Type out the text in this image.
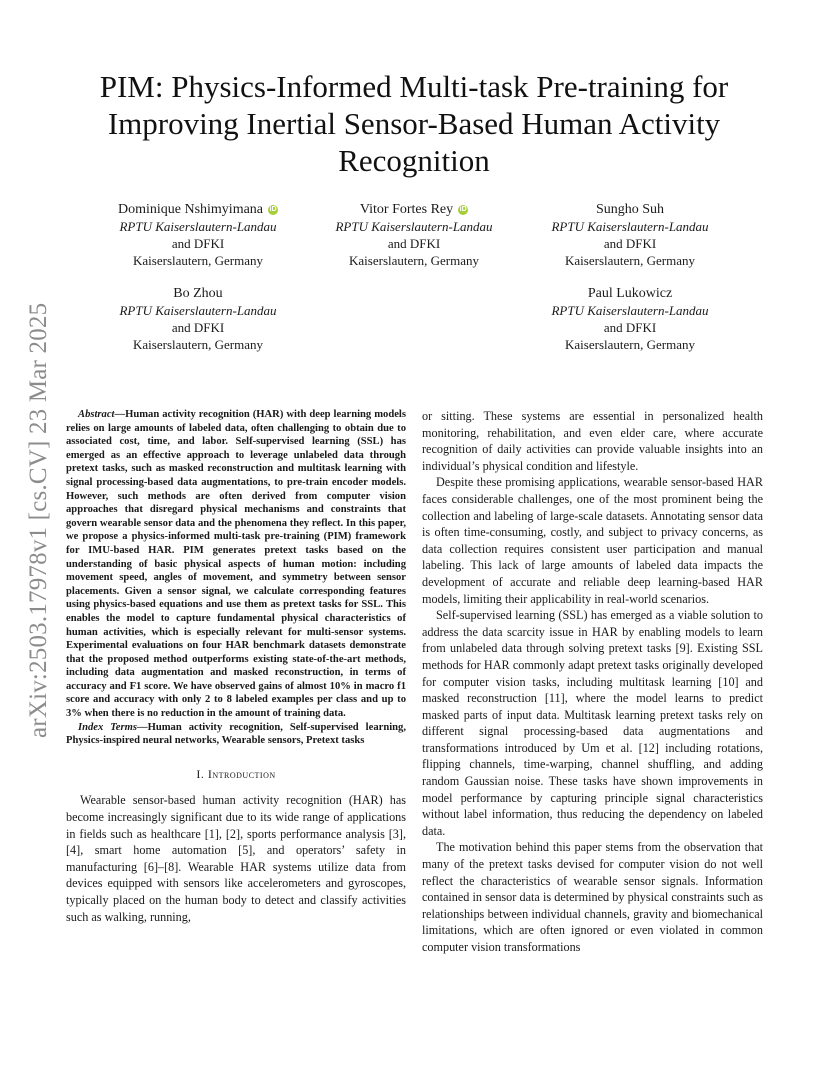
arXiv:2503.17978v1 [cs.CV] 23 Mar 2025
PIM: Physics-Informed Multi-task Pre-training for
Improving Inertial Sensor-Based Human Activity
Recognition
Dominique Nshimyimana iD
RPTU Kaiserslautern-Landau
and DFKI
Kaiserslautern, Germany
Vitor Fortes Rey iD
RPTU Kaiserslautern-Landau
and DFKI
Kaiserslautern, Germany
Sungho Suh
RPTU Kaiserslautern-Landau
and DFKI
Kaiserslautern, Germany
Bo Zhou
RPTU Kaiserslautern-Landau
and DFKI
Kaiserslautern, Germany
Paul Lukowicz
RPTU Kaiserslautern-Landau
and DFKI
Kaiserslautern, Germany

Abstract—Human activity recognition (HAR) with deep learning models relies on large amounts of labeled data, often challenging to obtain due to associated cost, time, and labor. Self-supervised learning (SSL) has emerged as an effective approach to leverage unlabeled data through pretext tasks, such as masked reconstruction and multitask learning with signal processing-based data augmentations, to pre-train encoder models. However, such methods are often derived from computer vision approaches that disregard physical mechanisms and constraints that govern wearable sensor data and the phenomena they reflect. In this paper, we propose a physics-informed multi-task pre-training (PIM) framework for IMU-based HAR. PIM generates pretext tasks based on the understanding of basic physical aspects of human motion: including movement speed, angles of movement, and symmetry between sensor placements. Given a sensor signal, we calculate corresponding features using physics-based equations and use them as pretext tasks for SSL. This enables the model to capture fundamental physical characteristics of human activities, which is especially relevant for multi-sensor systems. Experimental evaluations on four HAR benchmark datasets demonstrate that the proposed method outperforms existing state-of-the-art methods, including data augmentation and masked reconstruction, in terms of accuracy and F1 score. We have observed gains of almost 10% in macro f1 score and accuracy with only 2 to 8 labeled examples per class and up to 3% when there is no reduction in the amount of training data.

Index Terms—Human activity recognition, Self-supervised learning, Physics-inspired neural networks, Wearable sensors, Pretext tasks

I. Introduction

Wearable sensor-based human activity recognition (HAR) has become increasingly significant due to its wide range of applications in fields such as healthcare [1], [2], sports performance analysis [3], [4], smart home automation [5], and operators’ safety in manufacturing [6]–[8]. Wearable HAR systems utilize data from devices equipped with sensors like accelerometers and gyroscopes, typically placed on the human body to detect and classify activities such as walking, running,

or sitting. These systems are essential in personalized health monitoring, rehabilitation, and even elder care, where accurate recognition of daily activities can provide valuable insights into an individual’s physical condition and lifestyle.

Despite these promising applications, wearable sensor-based HAR faces considerable challenges, one of the most prominent being the collection and labeling of large-scale datasets. Annotating sensor data is often time-consuming, costly, and subject to privacy concerns, as data collection requires consistent user participation and manual labeling. This lack of large amounts of labeled data impacts the development of accurate and reliable deep learning-based HAR models, limiting their applicability in real-world scenarios.

Self-supervised learning (SSL) has emerged as a viable solution to address the data scarcity issue in HAR by enabling models to learn from unlabeled data through solving pretext tasks [9]. Existing SSL methods for HAR commonly adapt pretext tasks originally developed for computer vision tasks, including multitask learning [10] and masked reconstruction [11], where the model learns to predict masked parts of input data. Multitask learning pretext tasks rely on different signal processing-based data augmentations and transformations introduced by Um et al. [12] including rotations, flipping channels, time-warping, channel shuffling, and adding random Gaussian noise. These tasks have shown improvements in model performance by capturing principle signal characteristics without label information, thus reducing the dependency on labeled data.

The motivation behind this paper stems from the observation that many of the pretext tasks devised for computer vision do not well reflect the characteristics of wearable sensor signals. Information contained in sensor data is determined by physical constraints such as relationships between individual channels, gravity and biomechanical limitations, which are often ignored or even violated in common computer vision transformations
